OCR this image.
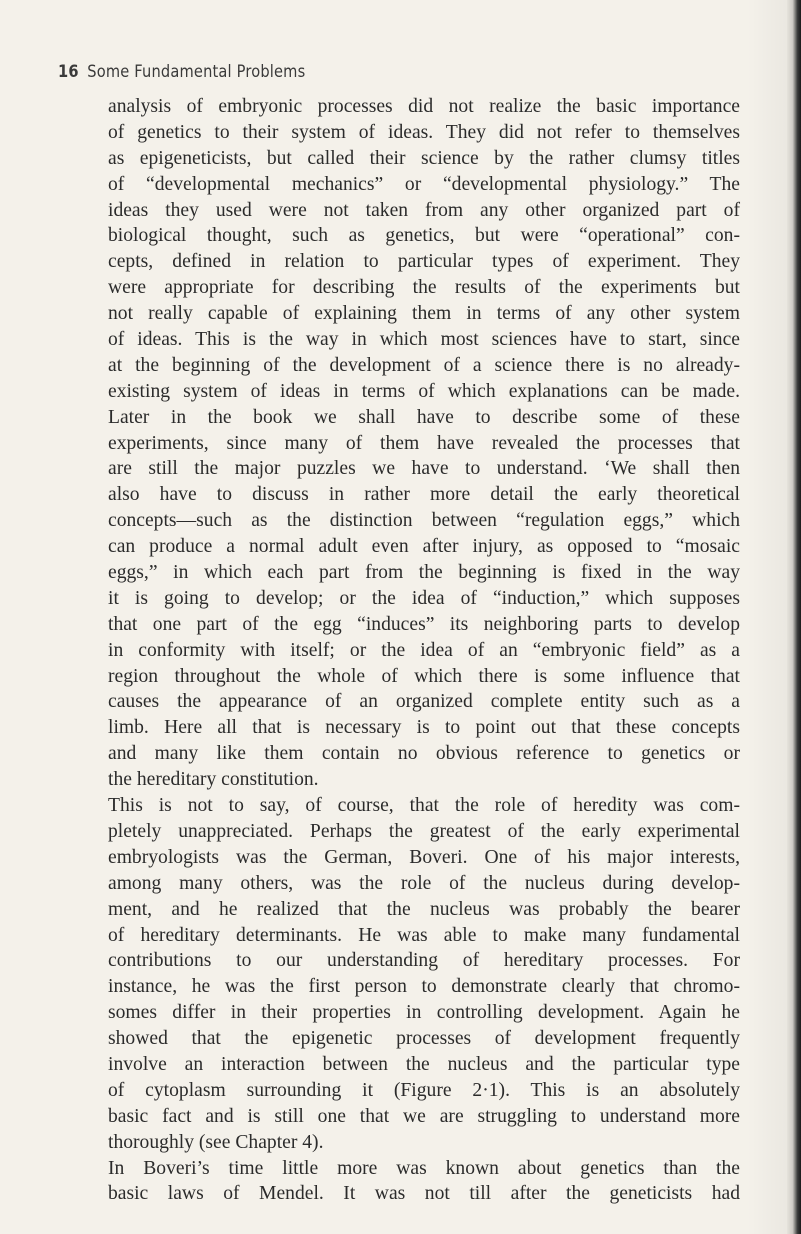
16 Some Fundamental Problems
analysis of embryonic processes did not realize the basic importance
of genetics to their system of ideas. They did not refer to themselves
as epigeneticists, but called their science by the rather clumsy titles
of “developmental mechanics” or “developmental physiology.” The
ideas they used were not taken from any other organized part of
biological thought, such as genetics, but were “operational” con-
cepts, defined in relation to particular types of experiment. They
were appropriate for describing the results of the experiments but
not really capable of explaining them in terms of any other system
of ideas. This is the way in which most sciences have to start, since
at the beginning of the development of a science there is no already-
existing system of ideas in terms of which explanations can be made.
Later in the book we shall have to describe some of these
experiments, since many of them have revealed the processes that
are still the major puzzles we have to understand. ‘We shall then
also have to discuss in rather more detail the early theoretical
concepts—such as the distinction between “regulation eggs,” which
can produce a normal adult even after injury, as opposed to “mosaic
eggs,” in which each part from the beginning is fixed in the way
it is going to develop; or the idea of “induction,” which supposes
that one part of the egg “induces” its neighboring parts to develop
in conformity with itself; or the idea of an “embryonic field” as a
region throughout the whole of which there is some influence that
causes the appearance of an organized complete entity such as a
limb. Here all that is necessary is to point out that these concepts
and many like them contain no obvious reference to genetics or
the hereditary constitution.
This is not to say, of course, that the role of heredity was com-
pletely unappreciated. Perhaps the greatest of the early experimental
embryologists was the German, Boveri. One of his major interests,
among many others, was the role of the nucleus during develop-
ment, and he realized that the nucleus was probably the bearer
of hereditary determinants. He was able to make many fundamental
contributions to our understanding of hereditary processes. For
instance, he was the first person to demonstrate clearly that chromo-
somes differ in their properties in controlling development. Again he
showed that the epigenetic processes of development frequently
involve an interaction between the nucleus and the particular type
of cytoplasm surrounding it (Figure 2·1). This is an absolutely
basic fact and is still one that we are struggling to understand more
thoroughly (see Chapter 4).
In Boveri’s time little more was known about genetics than the
basic laws of Mendel. It was not till after the geneticists had
